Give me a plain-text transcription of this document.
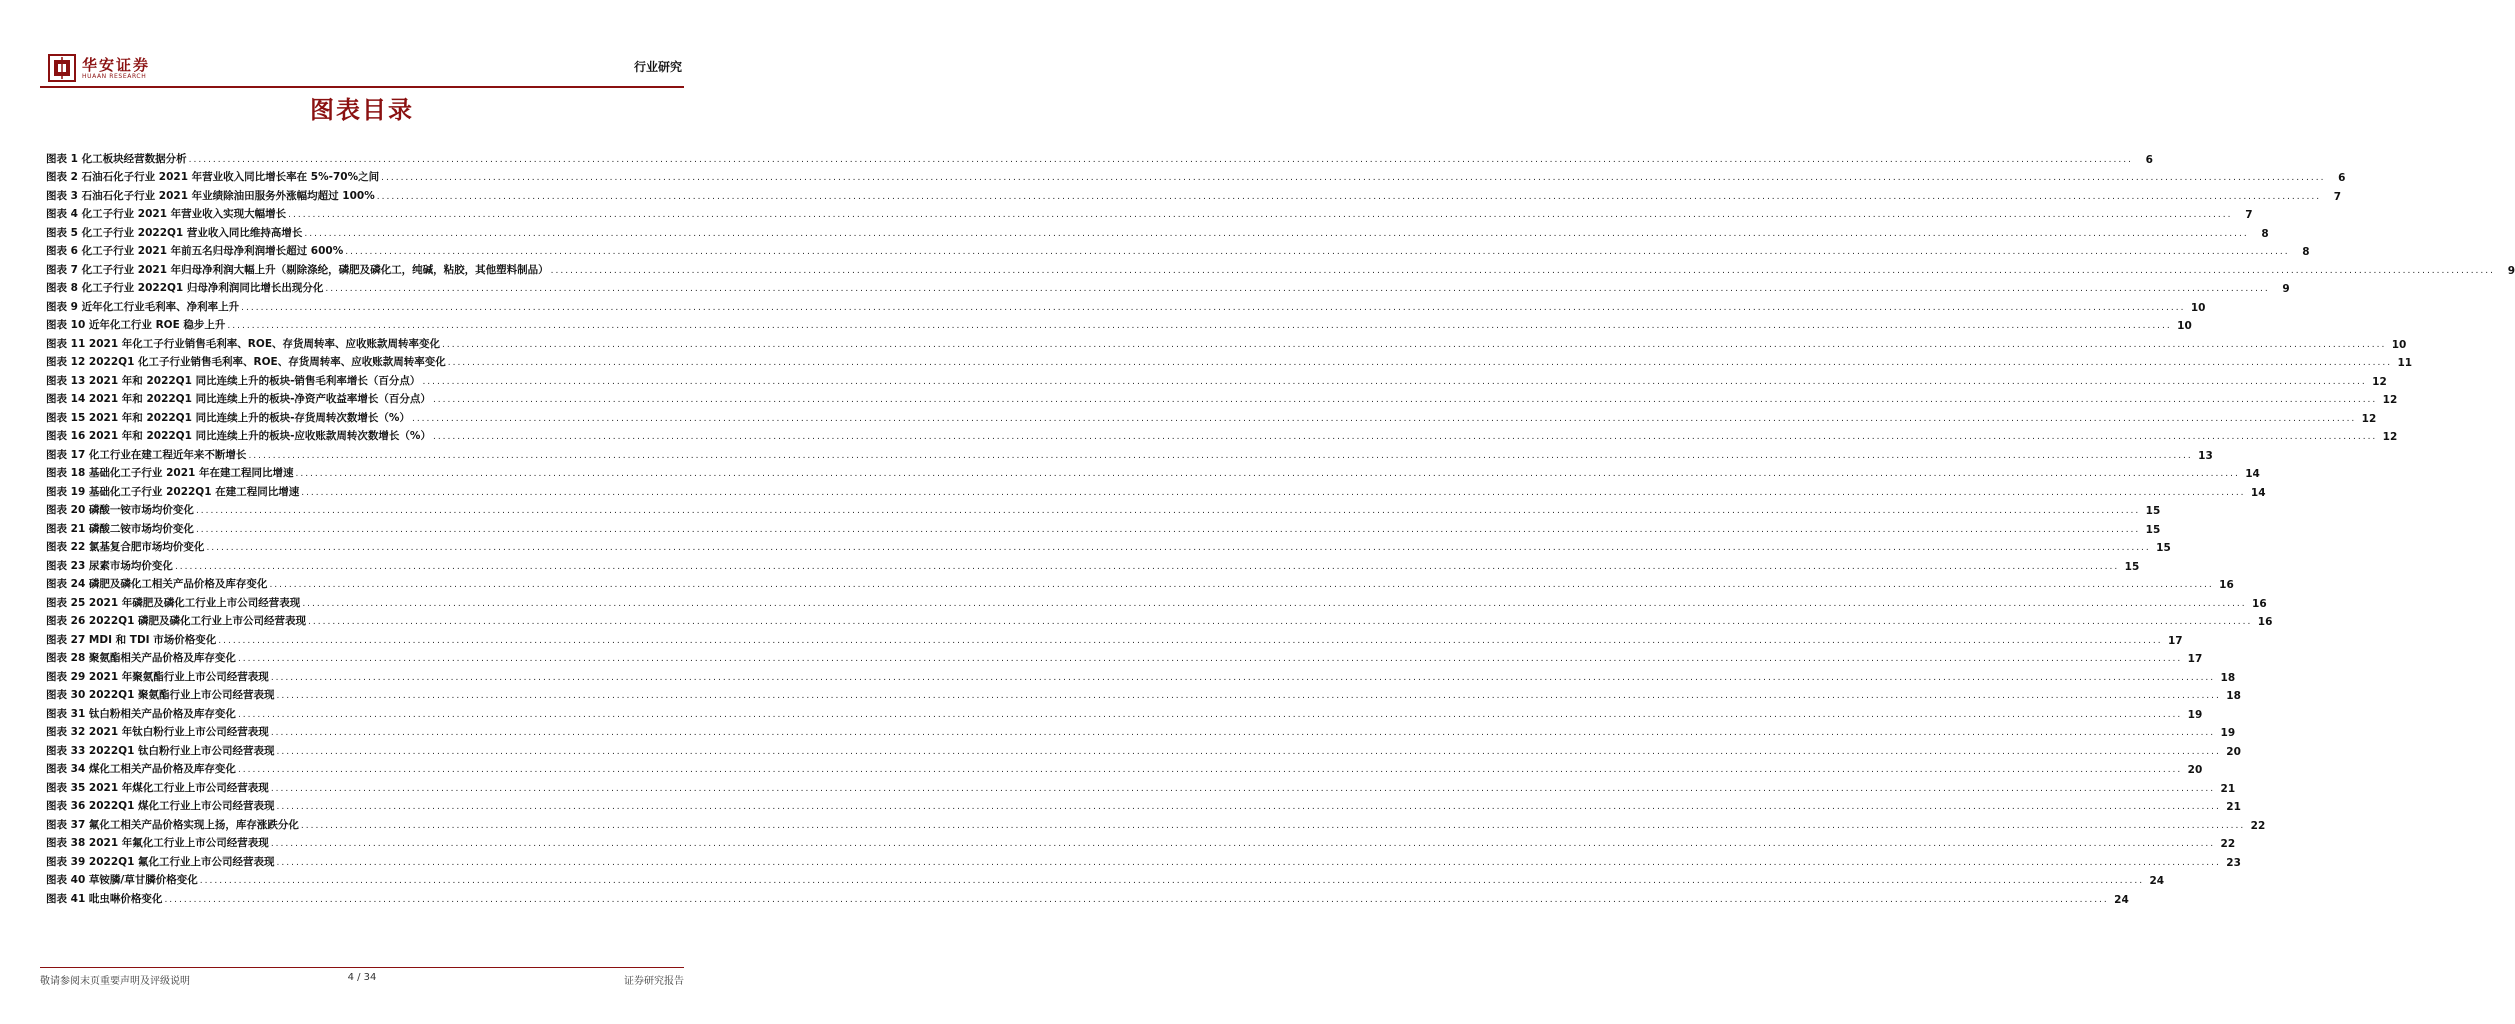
华安证券
HUAAN RESEARCH
行业研究
图表目录
图表 1 化工板块经营数据分析 ................................................................................................................................................................................................................................................................................................................................................................................................................	6
图表 2 石油石化子行业 2021 年营业收入同比增长率在 5%-70%之间 ................................................................................................................................................................................................................................................................................................................................................................................................................	6
图表 3 石油石化子行业 2021 年业绩除油田服务外涨幅均超过 100% ................................................................................................................................................................................................................................................................................................................................................................................................................	7
图表 4 化工子行业 2021 年营业收入实现大幅增长 ................................................................................................................................................................................................................................................................................................................................................................................................................	7
图表 5 化工子行业 2022Q1 营业收入同比维持高增长 ................................................................................................................................................................................................................................................................................................................................................................................................................	8
图表 6 化工子行业 2021 年前五名归母净利润增长超过 600% ................................................................................................................................................................................................................................................................................................................................................................................................................	8
图表 7 化工子行业 2021 年归母净利润大幅上升（剔除涤纶，磷肥及磷化工，纯碱，粘胶，其他塑料制品） ................................................................................................................................................................................................................................................................................................................................................................................................................	9
图表 8 化工子行业 2022Q1 归母净利润同比增长出现分化 ................................................................................................................................................................................................................................................................................................................................................................................................................	9
图表 9 近年化工行业毛利率、净利率上升 ................................................................................................................................................................................................................................................................................................................................................................................................................ 10
图表 10 近年化工行业 ROE 稳步上升 ................................................................................................................................................................................................................................................................................................................................................................................................................ 10
图表 11 2021 年化工子行业销售毛利率、ROE、存货周转率、应收账款周转率变化 ................................................................................................................................................................................................................................................................................................................................................................................................................ 10
图表 12 2022Q1 化工子行业销售毛利率、ROE、存货周转率、应收账款周转率变化 ................................................................................................................................................................................................................................................................................................................................................................................................................ 11
图表 13 2021 年和 2022Q1 同比连续上升的板块-销售毛利率增长（百分点） ................................................................................................................................................................................................................................................................................................................................................................................................................ 12
图表 14 2021 年和 2022Q1 同比连续上升的板块-净资产收益率增长（百分点） ................................................................................................................................................................................................................................................................................................................................................................................................................ 12
图表 15 2021 年和 2022Q1 同比连续上升的板块-存货周转次数增长（%） ................................................................................................................................................................................................................................................................................................................................................................................................................ 12
图表 16 2021 年和 2022Q1 同比连续上升的板块-应收账款周转次数增长（%） ................................................................................................................................................................................................................................................................................................................................................................................................................ 12
图表 17 化工行业在建工程近年来不断增长 ................................................................................................................................................................................................................................................................................................................................................................................................................ 13
图表 18 基础化工子行业 2021 年在建工程同比增速 ................................................................................................................................................................................................................................................................................................................................................................................................................ 14
图表 19 基础化工子行业 2022Q1 在建工程同比增速 ................................................................................................................................................................................................................................................................................................................................................................................................................ 14
图表 20 磷酸一铵市场均价变化 ................................................................................................................................................................................................................................................................................................................................................................................................................ 15
图表 21 磷酸二铵市场均价变化 ................................................................................................................................................................................................................................................................................................................................................................................................................ 15
图表 22 氯基复合肥市场均价变化 ................................................................................................................................................................................................................................................................................................................................................................................................................ 15
图表 23 尿素市场均价变化 ................................................................................................................................................................................................................................................................................................................................................................................................................ 15
图表 24 磷肥及磷化工相关产品价格及库存变化 ................................................................................................................................................................................................................................................................................................................................................................................................................ 16
图表 25 2021 年磷肥及磷化工行业上市公司经营表现 ................................................................................................................................................................................................................................................................................................................................................................................................................ 16
图表 26 2022Q1 磷肥及磷化工行业上市公司经营表现 ................................................................................................................................................................................................................................................................................................................................................................................................................ 16
图表 27 MDI 和 TDI 市场价格变化 ................................................................................................................................................................................................................................................................................................................................................................................................................ 17
图表 28 聚氨酯相关产品价格及库存变化 ................................................................................................................................................................................................................................................................................................................................................................................................................ 17
图表 29 2021 年聚氨酯行业上市公司经营表现 ................................................................................................................................................................................................................................................................................................................................................................................................................ 18
图表 30 2022Q1 聚氨酯行业上市公司经营表现 ................................................................................................................................................................................................................................................................................................................................................................................................................ 18
图表 31 钛白粉相关产品价格及库存变化 ................................................................................................................................................................................................................................................................................................................................................................................................................ 19
图表 32 2021 年钛白粉行业上市公司经营表现 ................................................................................................................................................................................................................................................................................................................................................................................................................ 19
图表 33 2022Q1 钛白粉行业上市公司经营表现 ................................................................................................................................................................................................................................................................................................................................................................................................................ 20
图表 34 煤化工相关产品价格及库存变化 ................................................................................................................................................................................................................................................................................................................................................................................................................ 20
图表 35 2021 年煤化工行业上市公司经营表现 ................................................................................................................................................................................................................................................................................................................................................................................................................ 21
图表 36 2022Q1 煤化工行业上市公司经营表现 ................................................................................................................................................................................................................................................................................................................................................................................................................ 21
图表 37 氟化工相关产品价格实现上扬，库存涨跌分化 ................................................................................................................................................................................................................................................................................................................................................................................................................ 22
图表 38 2021 年氟化工行业上市公司经营表现 ................................................................................................................................................................................................................................................................................................................................................................................................................ 22
图表 39 2022Q1 氟化工行业上市公司经营表现 ................................................................................................................................................................................................................................................................................................................................................................................................................ 23
图表 40 草铵膦/草甘膦价格变化 ................................................................................................................................................................................................................................................................................................................................................................................................................ 24
图表 41 吡虫啉价格变化 ................................................................................................................................................................................................................................................................................................................................................................................................................ 24
敬请参阅末页重要声明及评级说明	4 / 34	证券研究报告
